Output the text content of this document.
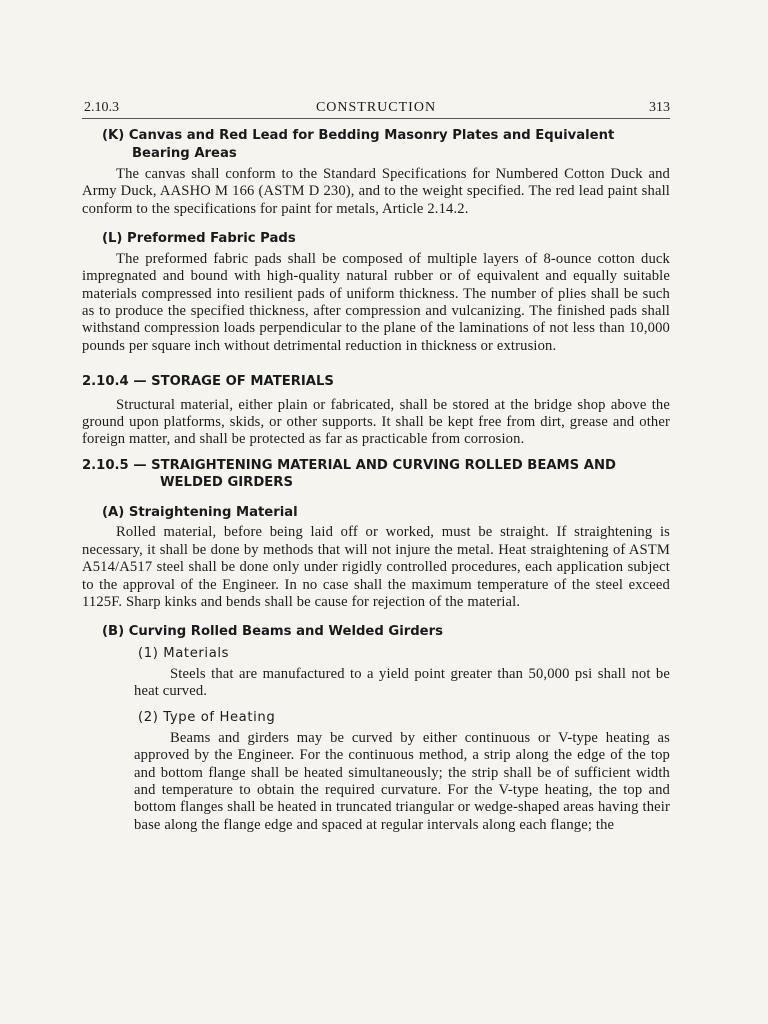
2.10.3	CONSTRUCTION	313
(K) Canvas and Red Lead for Bedding Masonry Plates and Equivalent Bearing Areas
The canvas shall conform to the Standard Specifications for Numbered Cotton Duck and Army Duck, AASHO M 166 (ASTM D 230), and to the weight specified. The red lead paint shall conform to the specifications for paint for metals, Article 2.14.2.
(L) Preformed Fabric Pads
The preformed fabric pads shall be composed of multiple layers of 8-ounce cotton duck impregnated and bound with high-quality natural rubber or of equivalent and equally suitable materials compressed into resilient pads of uniform thickness. The number of plies shall be such as to produce the specified thickness, after compression and vulcanizing. The finished pads shall withstand compression loads perpendicular to the plane of the laminations of not less than 10,000 pounds per square inch without detrimental reduction in thickness or extrusion.
2.10.4 — STORAGE OF MATERIALS
Structural material, either plain or fabricated, shall be stored at the bridge shop above the ground upon platforms, skids, or other supports. It shall be kept free from dirt, grease and other foreign matter, and shall be protected as far as practicable from corrosion.
2.10.5 — STRAIGHTENING MATERIAL AND CURVING ROLLED BEAMS AND WELDED GIRDERS
(A) Straightening Material
Rolled material, before being laid off or worked, must be straight. If straightening is necessary, it shall be done by methods that will not injure the metal. Heat straightening of ASTM A514/A517 steel shall be done only under rigidly controlled procedures, each application subject to the approval of the Engineer. In no case shall the maximum temperature of the steel exceed 1125F. Sharp kinks and bends shall be cause for rejection of the material.
(B) Curving Rolled Beams and Welded Girders
(1) Materials
Steels that are manufactured to a yield point greater than 50,000 psi shall not be heat curved.
(2) Type of Heating
Beams and girders may be curved by either continuous or V-type heating as approved by the Engineer. For the continuous method, a strip along the edge of the top and bottom flange shall be heated simultaneously; the strip shall be of sufficient width and temperature to obtain the required curvature. For the V-type heating, the top and bottom flanges shall be heated in truncated triangular or wedge-shaped areas having their base along the flange edge and spaced at regular intervals along each flange; the
